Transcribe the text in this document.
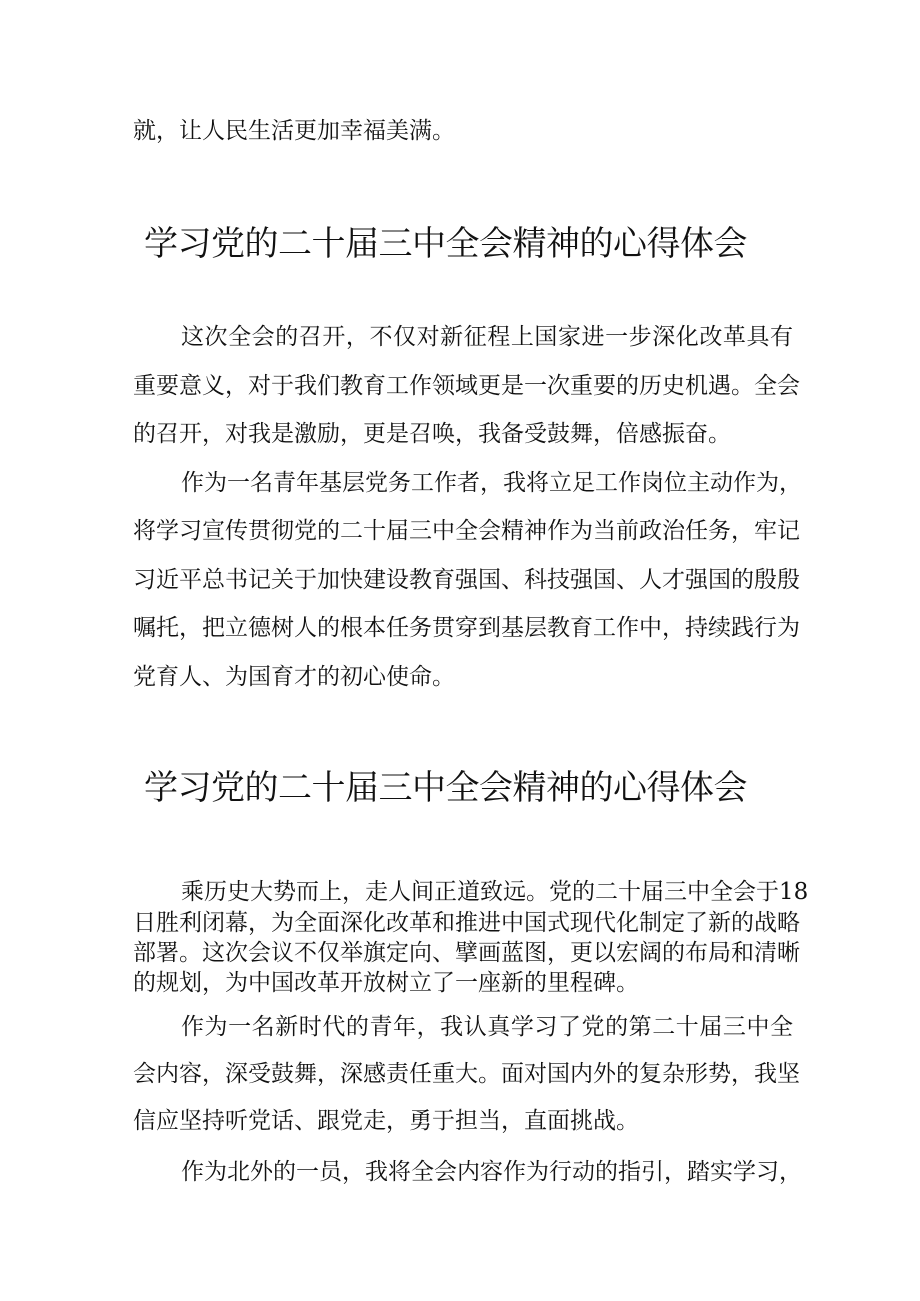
就，让人民生活更加幸福美满。

学习党的二十届三中全会精神的心得体会

这次全会的召开，不仅对新征程上国家进一步深化改革具有

重要意义，对于我们教育工作领域更是一次重要的历史机遇。全会

的召开，对我是激励，更是召唤，我备受鼓舞，倍感振奋。

作为一名青年基层党务工作者，我将立足工作岗位主动作为，

将学习宣传贯彻党的二十届三中全会精神作为当前政治任务，牢记

习近平总书记关于加快建设教育强国、科技强国、人才强国的殷殷

嘱托，把立德树人的根本任务贯穿到基层教育工作中，持续践行为

党育人、为国育才的初心使命。

学习党的二十届三中全会精神的心得体会

乘历史大势而上，走人间正道致远。党的二十届三中全会于18

日胜利闭幕，为全面深化改革和推进中国式现代化制定了新的战略

部署。这次会议不仅举旗定向、擘画蓝图，更以宏阔的布局和清晰

的规划，为中国改革开放树立了一座新的里程碑。

作为一名新时代的青年，我认真学习了党的第二十届三中全

会内容，深受鼓舞，深感责任重大。面对国内外的复杂形势，我坚

信应坚持听党话、跟党走，勇于担当，直面挑战。

作为北外的一员，我将全会内容作为行动的指引，踏实学习，
